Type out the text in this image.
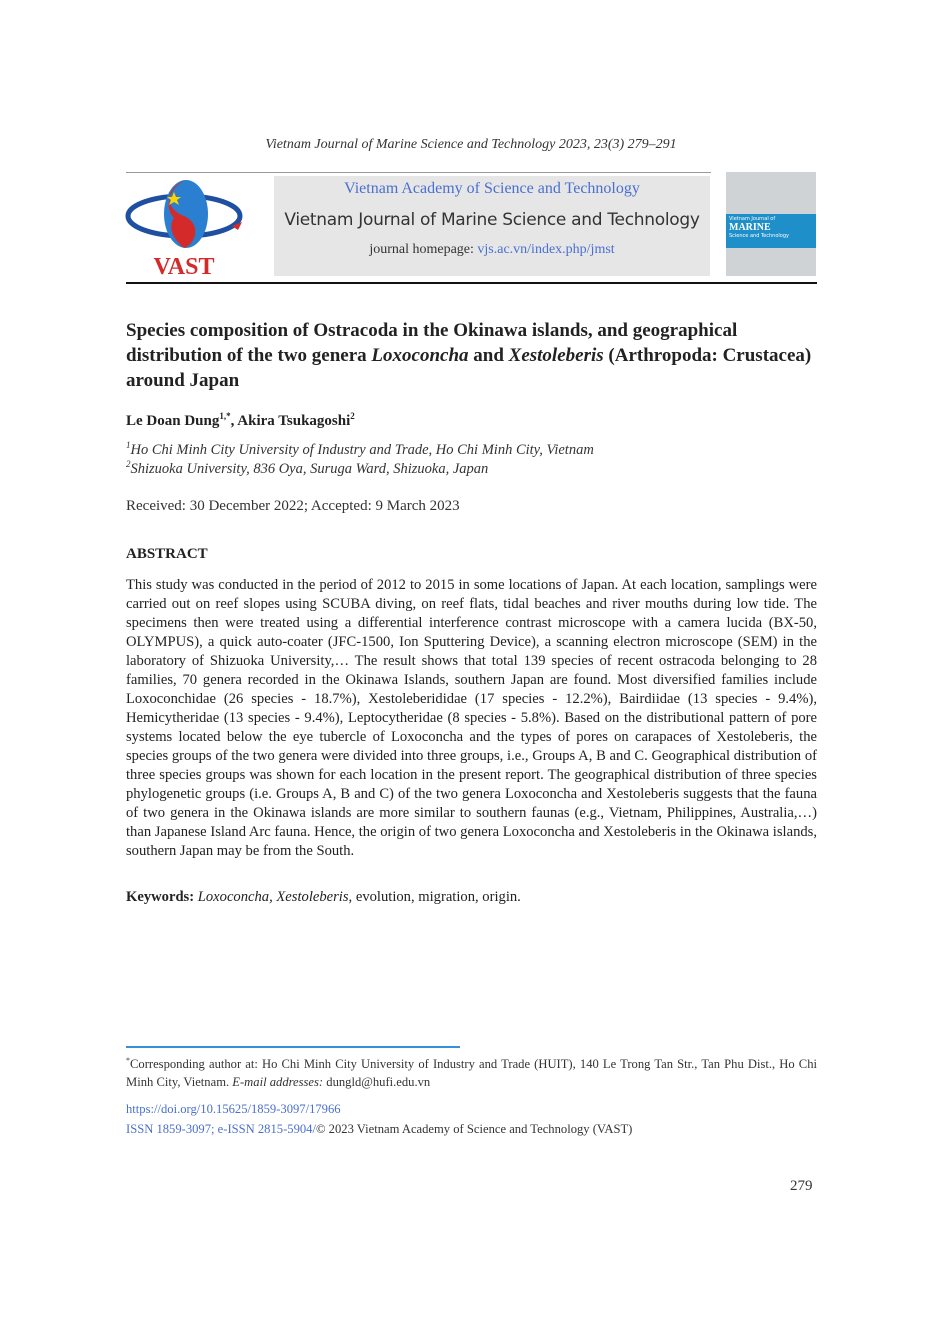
Vietnam Journal of Marine Science and Technology 2023, 23(3) 279–291
VAST
Vietnam Academy of Science and Technology
Vietnam Journal of Marine Science and Technology
journal homepage: vjs.ac.vn/index.php/jmst
Vietnam Journal of
MARINE
Science and Technology
Species composition of Ostracoda in the Okinawa islands, and geographical distribution of the two genera Loxoconcha and Xestoleberis (Arthropoda: Crustacea) around Japan
Le Doan Dung$^{1,*}$, Akira Tsukagoshi$^2$
$^1$Ho Chi Minh City University of Industry and Trade, Ho Chi Minh City, Vietnam
$^2$Shizuoka University, 836 Oya, Suruga Ward, Shizuoka, Japan
Received: 30 December 2022; Accepted: 9 March 2023
ABSTRACT

This study was conducted in the period of 2012 to 2015 in some locations of Japan. At each location, samplings were carried out on reef slopes using SCUBA diving, on reef flats, tidal beaches and river mouths during low tide. The specimens then were treated using a differential interference contrast microscope with a camera lucida (BX-50, OLYMPUS), a quick auto-coater (JFC-1500, Ion Sputtering Device), a scanning electron microscope (SEM) in the laboratory of Shizuoka University,… The result shows that total 139 species of recent ostracoda belonging to 28 families, 70 genera recorded in the Okinawa Islands, southern Japan are found. Most diversified families include Loxoconchidae (26 species - 18.7%), Xestoleberididae (17 species - 12.2%), Bairdiidae (13 species - 9.4%), Hemicytheridae (13 species - 9.4%), Leptocytheridae (8 species - 5.8%). Based on the distributional pattern of pore systems located below the eye tubercle of Loxoconcha and the types of pores on carapaces of Xestoleberis, the species groups of the two genera were divided into three groups, i.e., Groups A, B and C. Geographical distribution of three species groups was shown for each location in the present report. The geographical distribution of three species phylogenetic groups (i.e. Groups A, B and C) of the two genera Loxoconcha and Xestoleberis suggests that the fauna of two genera in the Okinawa islands are more similar to southern faunas (e.g., Vietnam, Philippines, Australia,…) than Japanese Island Arc fauna. Hence, the origin of two genera Loxoconcha and Xestoleberis in the Okinawa islands, southern Japan may be from the South.

Keywords: Loxoconcha, Xestoleberis, evolution, migration, origin.
*Corresponding author at: Ho Chi Minh City University of Industry and Trade (HUIT), 140 Le Trong Tan Str., Tan Phu Dist., Ho Chi Minh City, Vietnam. E-mail addresses: dungld@hufi.edu.vn
https://doi.org/10.15625/1859-3097/17966
ISSN 1859-3097; e-ISSN 2815-5904/© 2023 Vietnam Academy of Science and Technology (VAST)
279
